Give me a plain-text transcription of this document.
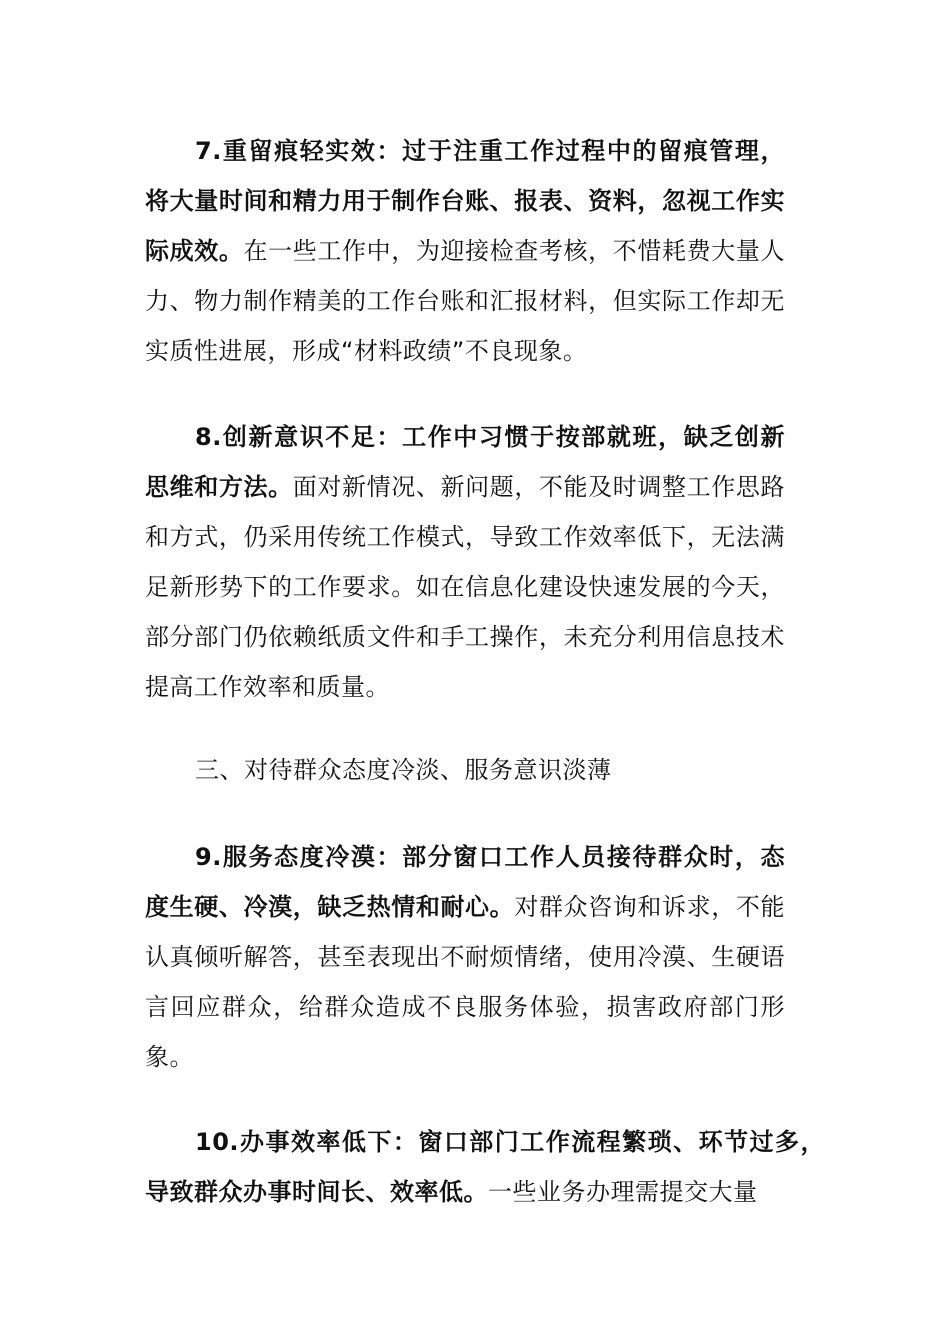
7.重留痕轻实效：过于注重工作过程中的留痕管理，将大量时间和精力用于制作台账、报表、资料，忽视工作实际成效。在一些工作中，为迎接检查考核，不惜耗费大量人力、物力制作精美的工作台账和汇报材料，但实际工作却无实质性进展，形成“材料政绩”不良现象。

8.创新意识不足：工作中习惯于按部就班，缺乏创新思维和方法。面对新情况、新问题，不能及时调整工作思路和方式，仍采用传统工作模式，导致工作效率低下，无法满足新形势下的工作要求。如在信息化建设快速发展的今天，部分部门仍依赖纸质文件和手工操作，未充分利用信息技术提高工作效率和质量。

三、对待群众态度冷淡、服务意识淡薄

9.服务态度冷漠：部分窗口工作人员接待群众时，态度生硬、冷漠，缺乏热情和耐心。对群众咨询和诉求，不能认真倾听解答，甚至表现出不耐烦情绪，使用冷漠、生硬语言回应群众，给群众造成不良服务体验，损害政府部门形象。

10.办事效率低下：窗口部门工作流程繁琐、环节过多，导致群众办事时间长、效率低。一些业务办理需提交大量
